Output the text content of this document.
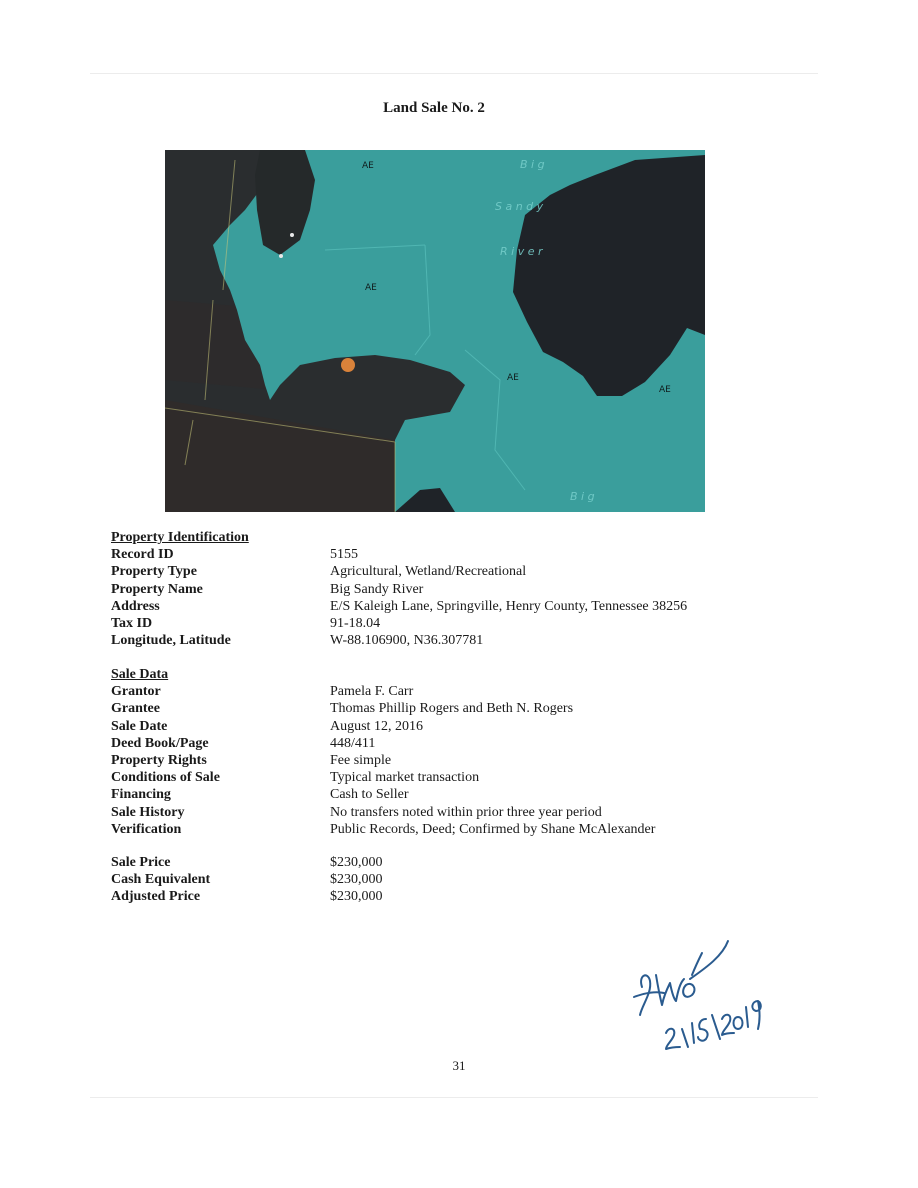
Land Sale No. 2
AE
AE
AE
AE
B i g
S a n d y
R i v e r
B i g
Property Identification
Record ID	5155
Property Type	Agricultural, Wetland/Recreational
Property Name	Big Sandy River
Address	E/S Kaleigh Lane, Springville, Henry County, Tennessee 38256
Tax ID	91-18.04
Longitude, Latitude	W-88.106900, N36.307781
Sale Data
Grantor	Pamela F. Carr
Grantee	Thomas Phillip Rogers and Beth N. Rogers
Sale Date	August 12, 2016
Deed Book/Page	448/411
Property Rights	Fee simple
Conditions of Sale	Typical market transaction
Financing	Cash to Seller
Sale History	No transfers noted within prior three year period
Verification	Public Records, Deed; Confirmed by Shane McAlexander
Sale Price	$230,000
Cash Equivalent	$230,000
Adjusted Price	$230,000
31
